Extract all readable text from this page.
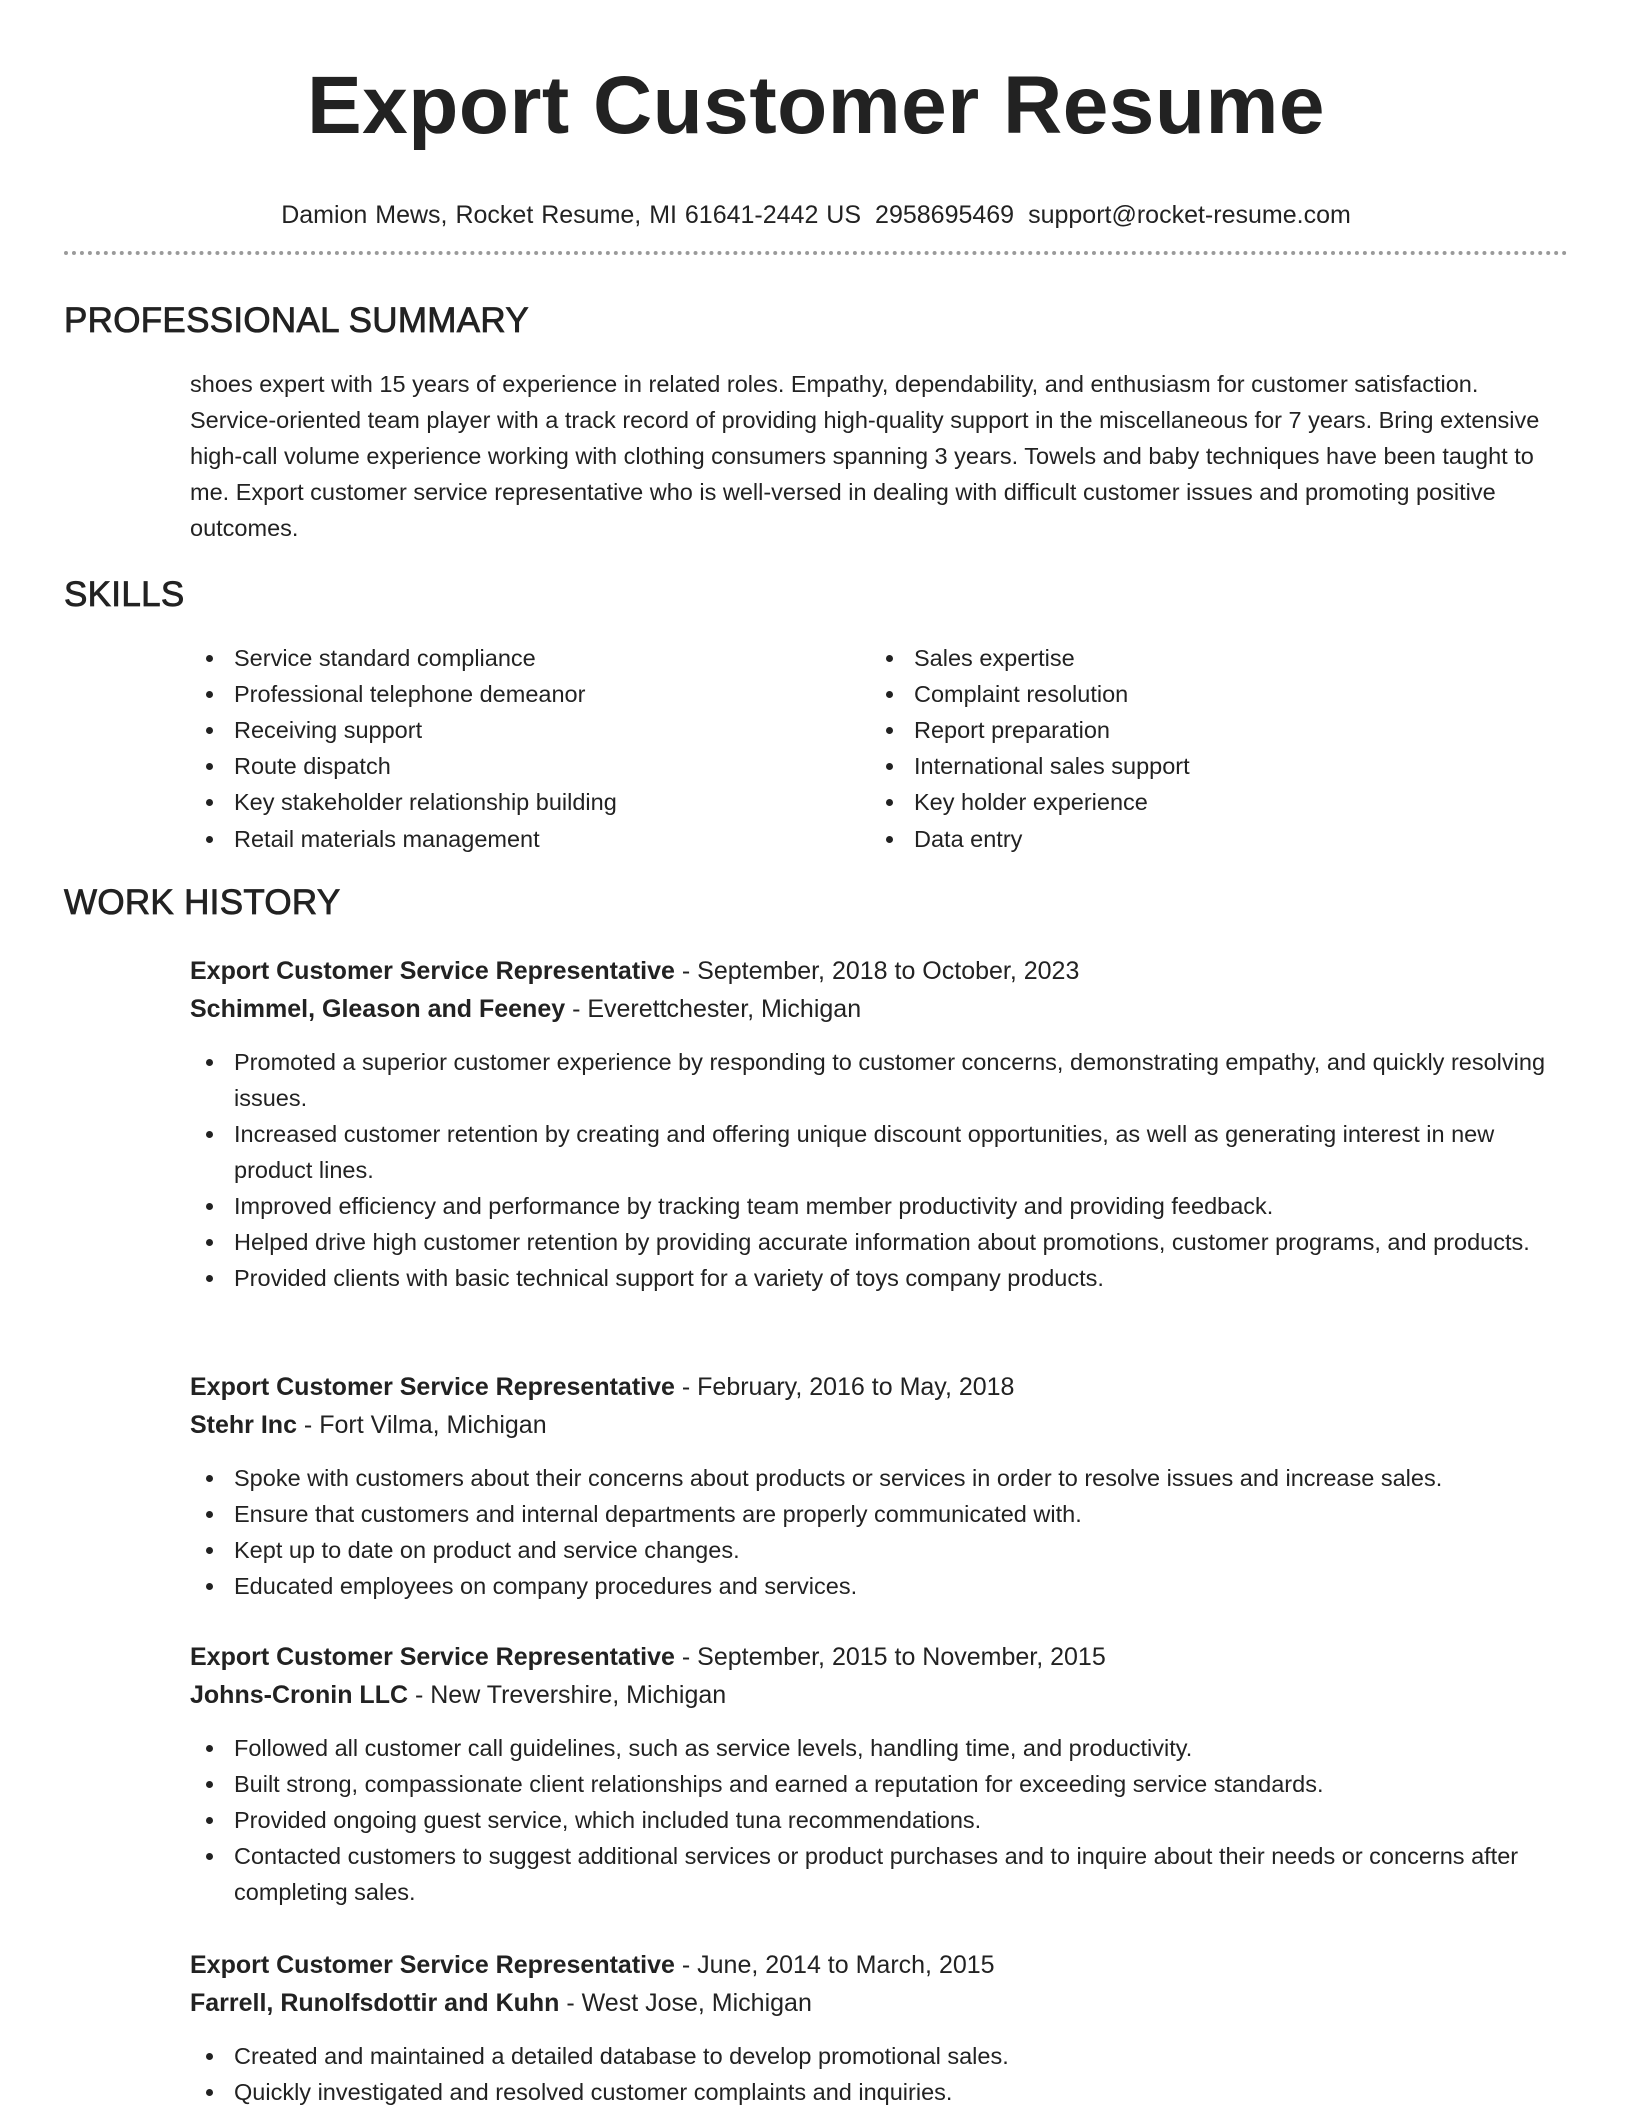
Export Customer Resume
Damion Mews, Rocket Resume, MI 61641-2442 US 2958695469 support@rocket-resume.com
PROFESSIONAL SUMMARY
shoes expert with 15 years of experience in related roles. Empathy, dependability, and enthusiasm for customer satisfaction. Service-oriented team player with a track record of providing high-quality support in the miscellaneous for 7 years. Bring extensive high-call volume experience working with clothing consumers spanning 3 years. Towels and baby techniques have been taught to me. Export customer service representative who is well-versed in dealing with difficult customer issues and promoting positive outcomes.
SKILLS
Service standard compliance
Professional telephone demeanor
Receiving support
Route dispatch
Key stakeholder relationship building
Retail materials management
Sales expertise
Complaint resolution
Report preparation
International sales support
Key holder experience
Data entry
WORK HISTORY
Export Customer Service Representative - September, 2018 to October, 2023
Schimmel, Gleason and Feeney - Everettchester, Michigan
Promoted a superior customer experience by responding to customer concerns, demonstrating empathy, and quickly resolving issues.
Increased customer retention by creating and offering unique discount opportunities, as well as generating interest in new product lines.
Improved efficiency and performance by tracking team member productivity and providing feedback.
Helped drive high customer retention by providing accurate information about promotions, customer programs, and products.
Provided clients with basic technical support for a variety of toys company products.
Export Customer Service Representative - February, 2016 to May, 2018
Stehr Inc - Fort Vilma, Michigan
Spoke with customers about their concerns about products or services in order to resolve issues and increase sales.
Ensure that customers and internal departments are properly communicated with.
Kept up to date on product and service changes.
Educated employees on company procedures and services.
Export Customer Service Representative - September, 2015 to November, 2015
Johns-Cronin LLC - New Trevershire, Michigan
Followed all customer call guidelines, such as service levels, handling time, and productivity.
Built strong, compassionate client relationships and earned a reputation for exceeding service standards.
Provided ongoing guest service, which included tuna recommendations.
Contacted customers to suggest additional services or product purchases and to inquire about their needs or concerns after completing sales.
Export Customer Service Representative - June, 2014 to March, 2015
Farrell, Runolfsdottir and Kuhn - West Jose, Michigan
Created and maintained a detailed database to develop promotional sales.
Quickly investigated and resolved customer complaints and inquiries.
